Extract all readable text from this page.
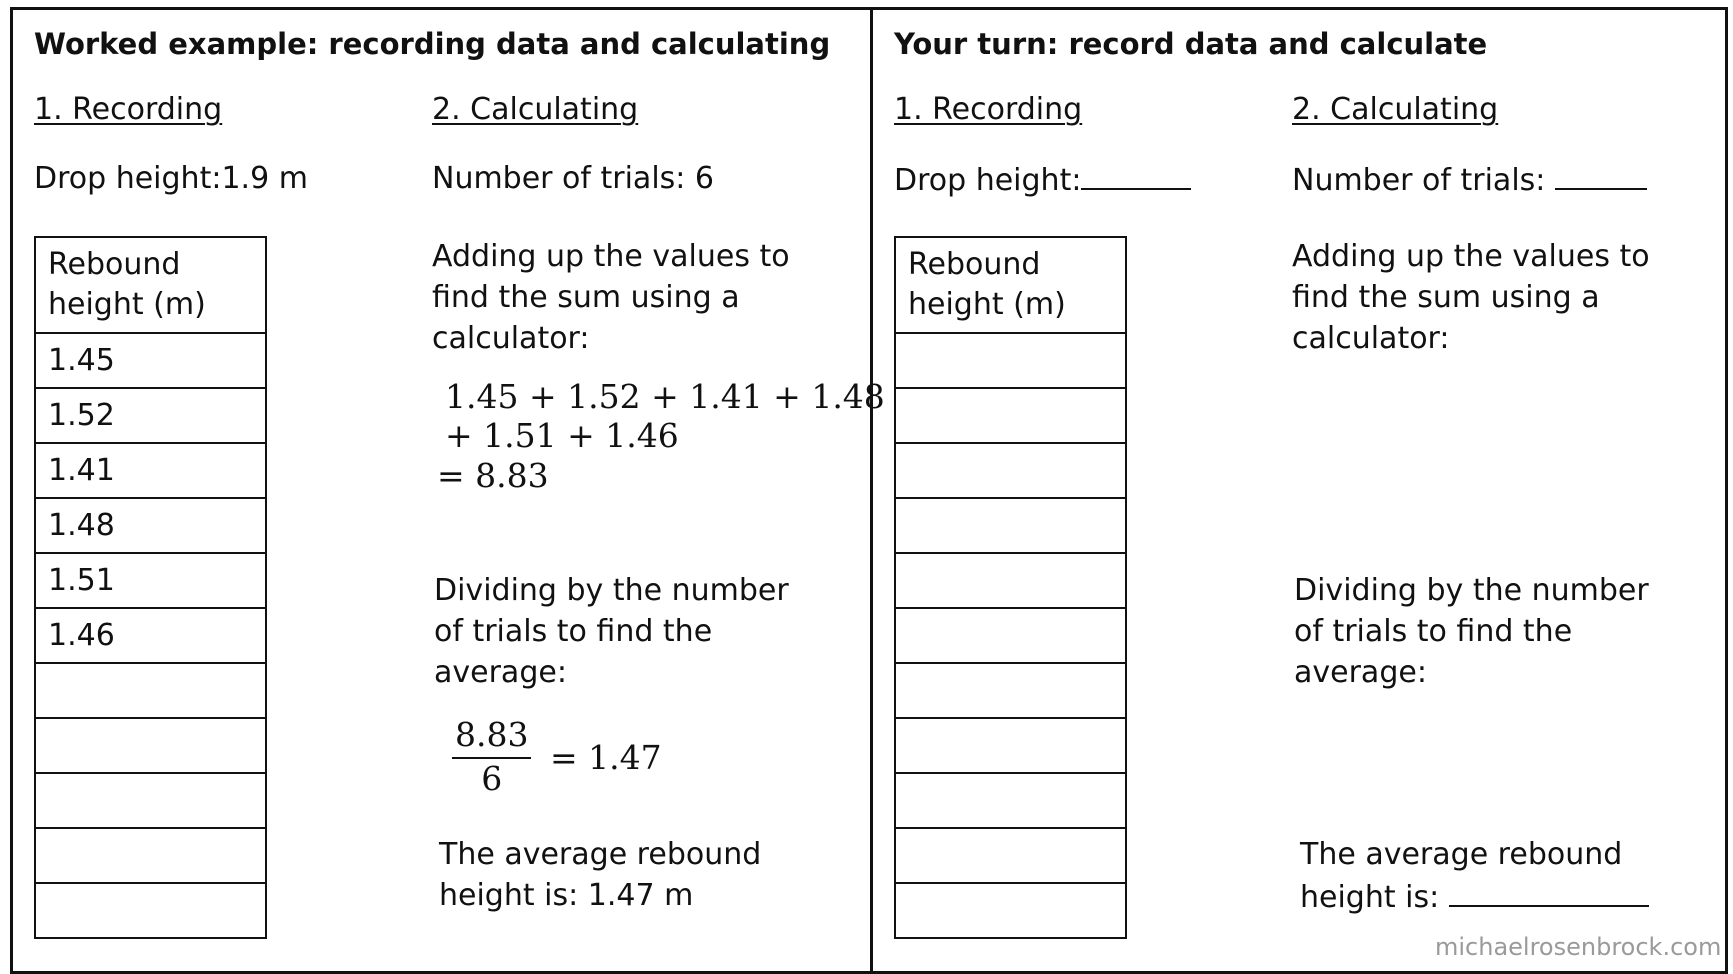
Worked example: recording data and calculating
1. Recording	2. Calculating
Drop height:1.9 m	Number of trials: 6
Rebound height (m)
1.45
1.52
1.41
1.48
1.51
1.46

Adding up the values to find the sum using a calculator:
1.45 + 1.52 + 1.41 + 1.48
+ 1.51 + 1.46
= 8.83
Dividing by the number of trials to find the average:
$\frac{8.83}{6} = 1.47$
The average rebound
height is: 1.47 m
Your turn: record data and calculate
1. Recording	2. Calculating
Drop height:	Number of trials:
Rebound height (m)

Adding up the values to find the sum using a calculator:
Dividing by the number of trials to find the average:
The average rebound
height is:
michaelrosenbrock.com
